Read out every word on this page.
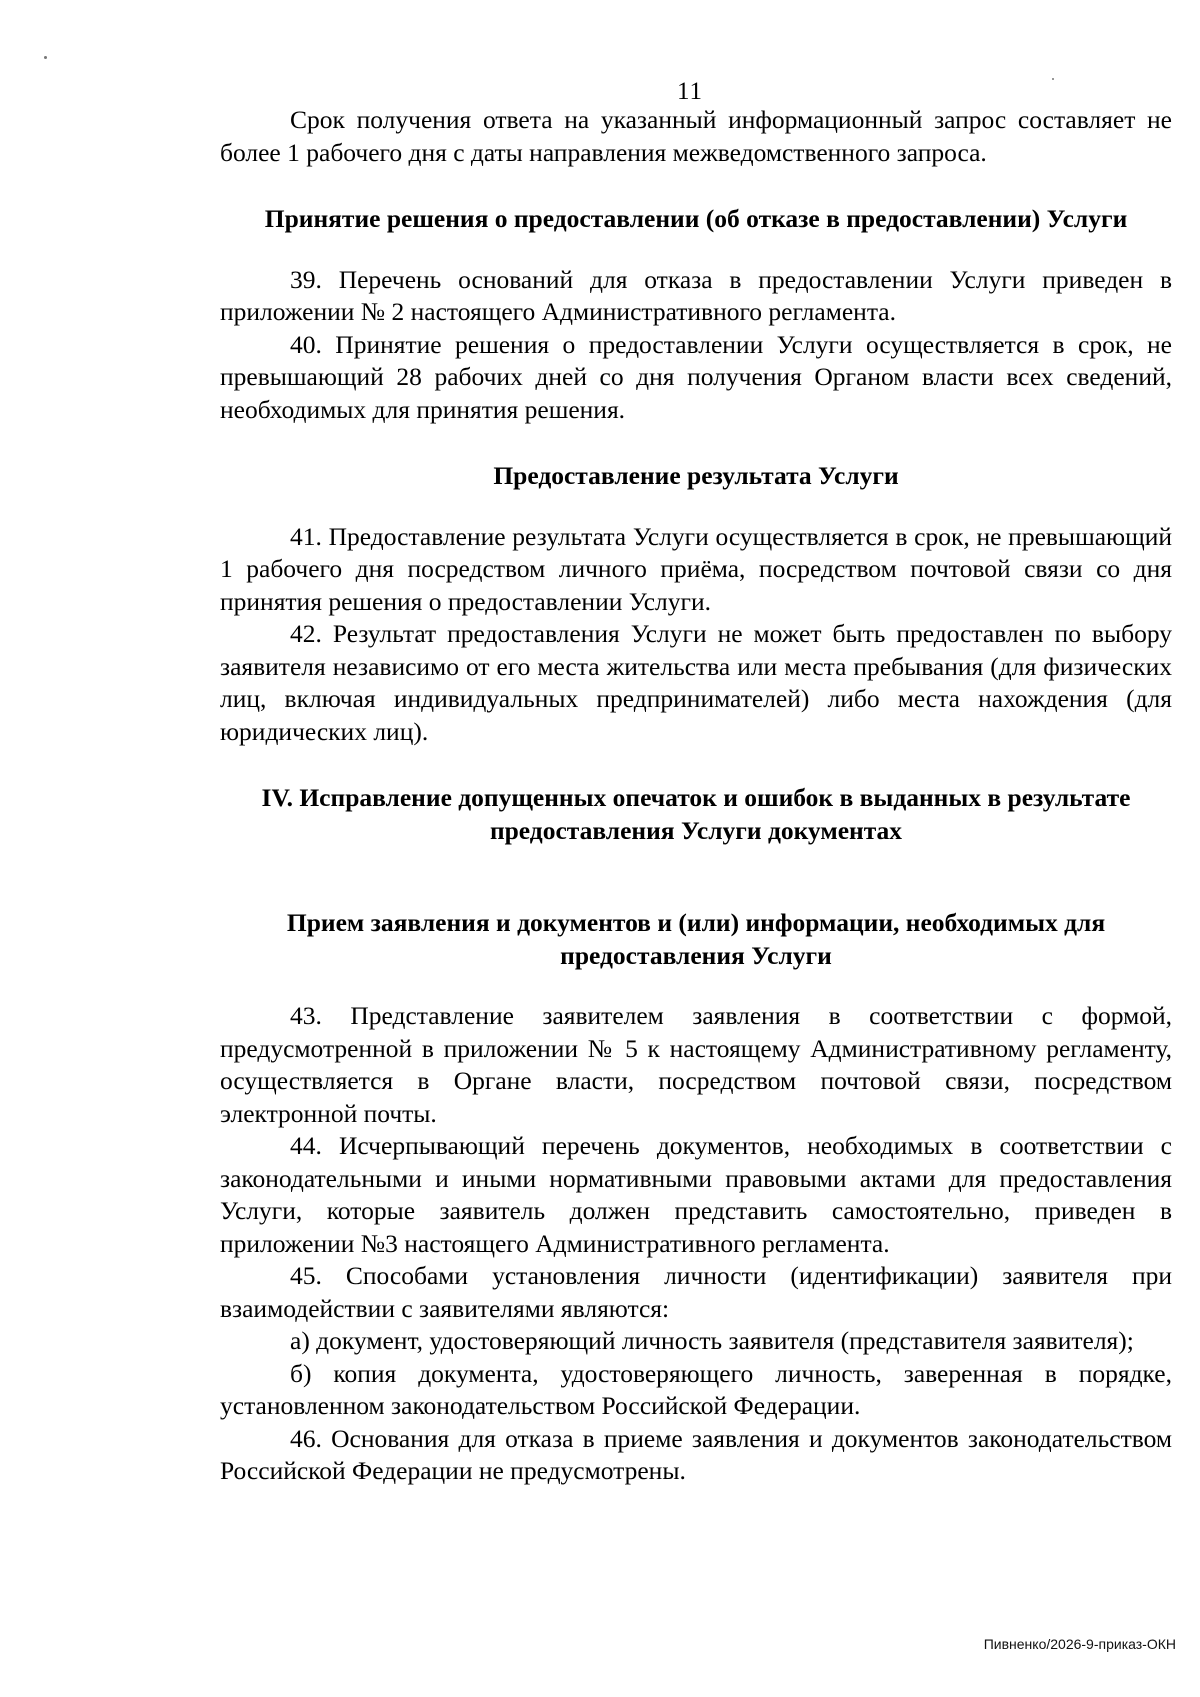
11

Срок получения ответа на указанный информационный запрос составляет не более 1 рабочего дня с даты направления межведомственного запроса.

Принятие решения о предоставлении (об отказе в предоставлении) Услуги

39. Перечень оснований для отказа в предоставлении Услуги приведен в приложении № 2 настоящего Административного регламента.

40. Принятие решения о предоставлении Услуги осуществляется в срок, не превышающий 28 рабочих дней со дня получения Органом власти всех сведений, необходимых для принятия решения.

Предоставление результата Услуги

41. Предоставление результата Услуги осуществляется в срок, не превышающий 1 рабочего дня посредством личного приёма, посредством почтовой связи со дня принятия решения о предоставлении Услуги.

42. Результат предоставления Услуги не может быть предоставлен по выбору заявителя независимо от его места жительства или места пребывания (для физических лиц, включая индивидуальных предпринимателей) либо места нахождения (для юридических лиц).

IV. Исправление допущенных опечаток и ошибок в выданных в результате предоставления Услуги документах

Прием заявления и документов и (или) информации, необходимых для предоставления Услуги

43. Представление заявителем заявления в соответствии с формой, предусмотренной в приложении № 5 к настоящему Административному регламенту, осуществляется в Органе власти, посредством почтовой связи, посредством электронной почты.

44. Исчерпывающий перечень документов, необходимых в соответствии с законодательными и иными нормативными правовыми актами для предоставления Услуги, которые заявитель должен представить самостоятельно, приведен в приложении №3 настоящего Административного регламента.

45. Способами установления личности (идентификации) заявителя при взаимодействии с заявителями являются:

а) документ, удостоверяющий личность заявителя (представителя заявителя);

б) копия документа, удостоверяющего личность, заверенная в порядке, установленном законодательством Российской Федерации.

46. Основания для отказа в приеме заявления и документов законодательством Российской Федерации не предусмотрены.

Пивненко/2026-9-приказ-ОКН
